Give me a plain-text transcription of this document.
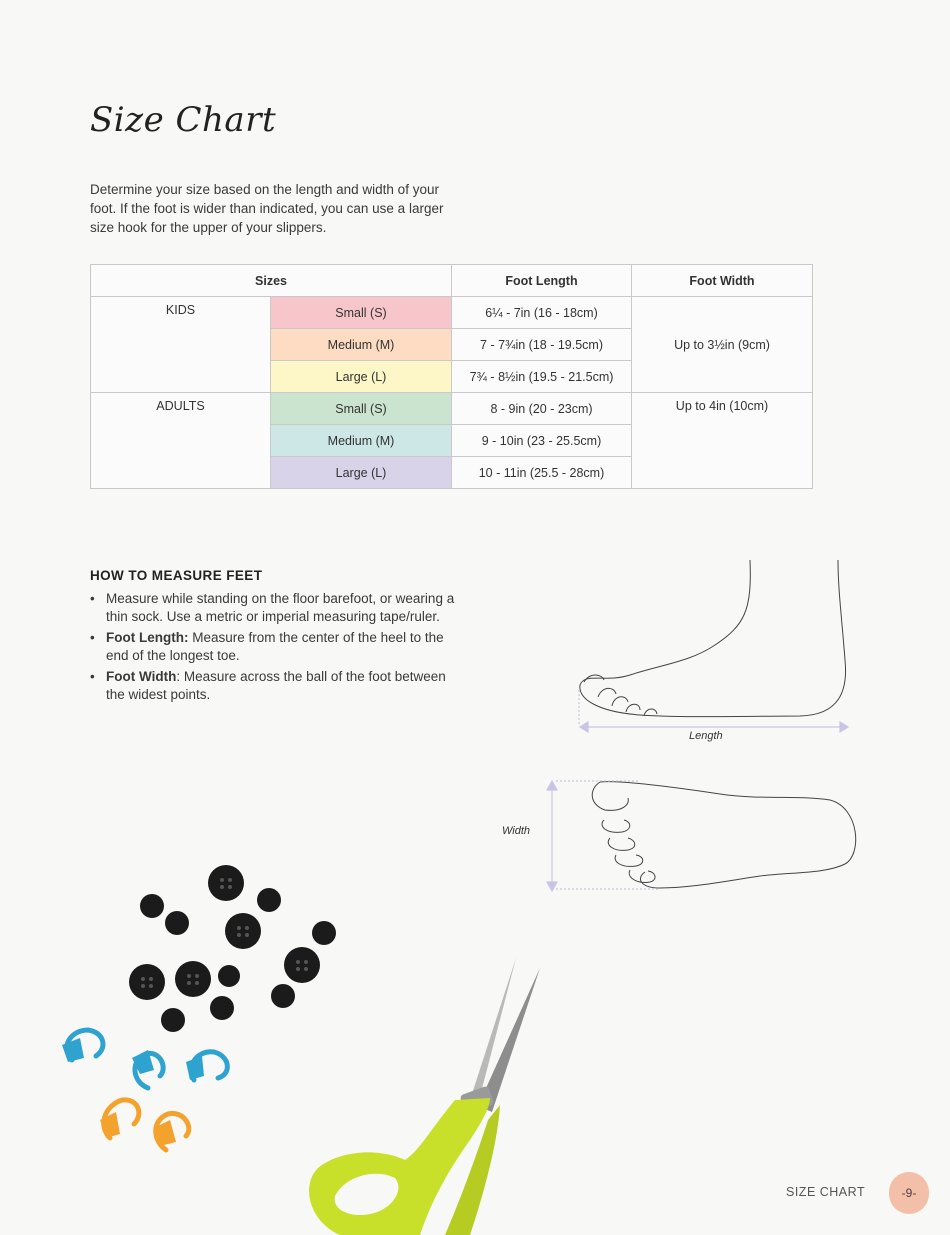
Size Chart

Determine your size based on the length and width of your foot. If the foot is wider than indicated, you can use a larger size hook for the upper of your slippers.

Sizes		Foot Length	Foot Width
KIDS	Small (S)	6¼ - 7in (16 - 18cm)	Up to 3½in (9cm)
	Medium (M)	7 - 7¾in (18 - 19.5cm)	
	Large (L)	7¾ - 8½in (19.5 - 21.5cm)	
ADULTS	Small (S)	8 - 9in (20 - 23cm)	Up to 4in (10cm)
	Medium (M)	9 - 10in (23 - 25.5cm)	
	Large (L)	10 - 11in (25.5 - 28cm)	
HOW TO MEASURE FEET
• Measure while standing on the floor barefoot, or wearing a thin sock. Use a metric or imperial measuring tape/ruler.
• Foot Length: Measure from the center of the heel to the end of the longest toe.
• Foot Width: Measure across the ball of the foot between the widest points.
Length
Width
SIZE CHART	-9-
